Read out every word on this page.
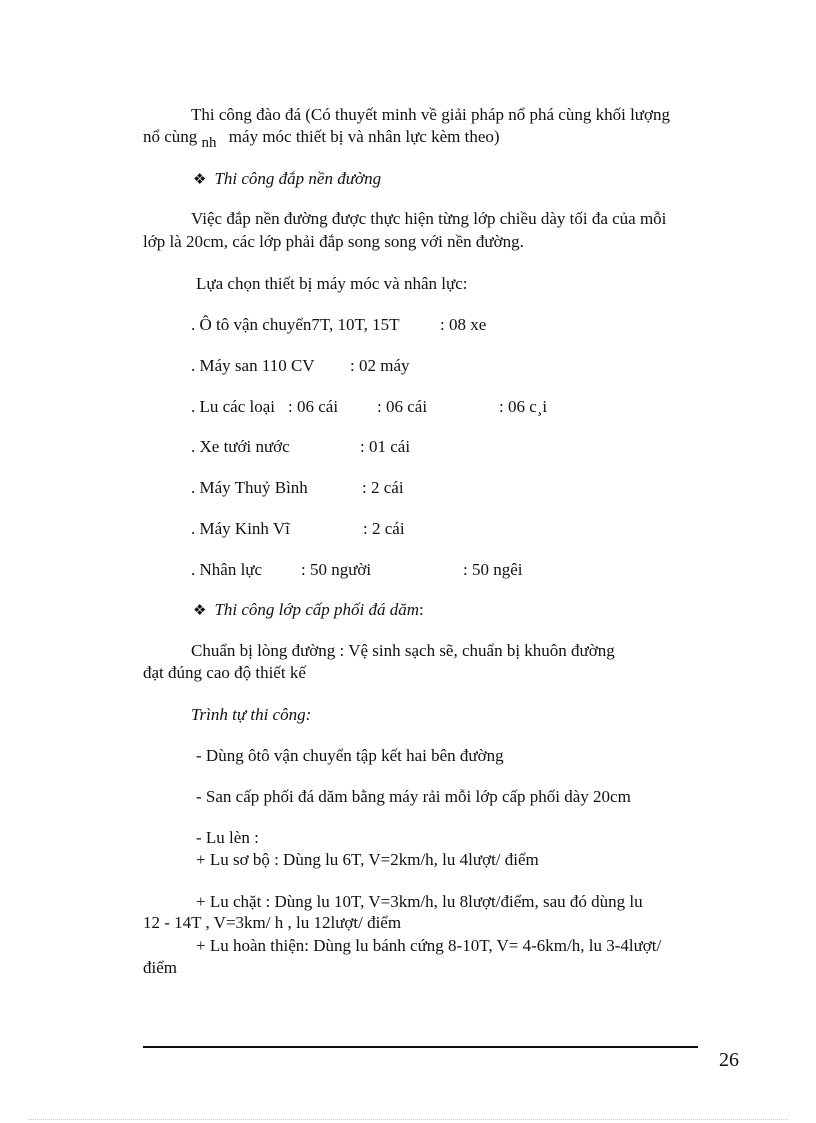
Thi công đào đá (Có thuyết minh về giải pháp nổ phá cùng khối lượng
nổ cùng nh máy móc thiết bị và nhân lực kèm theo)
❖ Thi công đắp nền đường
Việc đắp nền đường được thực hiện từng lớp chiều dày tối đa của mỗi
lớp là 20cm, các lớp phải đắp song song với nền đường.
Lựa chọn thiết bị máy móc và nhân lực:
. Ô tô vận chuyển7T, 10T, 15T : 08 xe
. Máy san 110 CV : 02 máy
. Lu các loại : 06 cái : 06 cái	: 06 c¸i
. Xe tưới nước	: 01 cái
. Máy Thuỷ Bình	: 2 cái
. Máy Kinh Vĩ	: 2 cái
. Nhân lực : 50 người	: 50 ngêi
❖ Thi công lớp cấp phối đá dăm:
Chuẩn bị lòng đường : Vệ sinh sạch sẽ, chuẩn bị khuôn đường
đạt đúng cao độ thiết kế
Trình tự thi công:
- Dùng ôtô vận chuyển tập kết hai bên đường
- San cấp phối đá dăm bằng máy rải mỗi lớp cấp phối dày 20cm
- Lu lèn :
+ Lu sơ bộ : Dùng lu 6T, V=2km/h, lu 4lượt/ điểm
+ Lu chặt : Dùng lu 10T, V=3km/h, lu 8lượt/điểm, sau đó dùng lu
12 - 14T , V=3km/ h , lu 12lượt/ điểm
+ Lu hoàn thiện: Dùng lu bánh cứng 8-10T, V= 4-6km/h, lu 3-4lượt/
điểm
26
